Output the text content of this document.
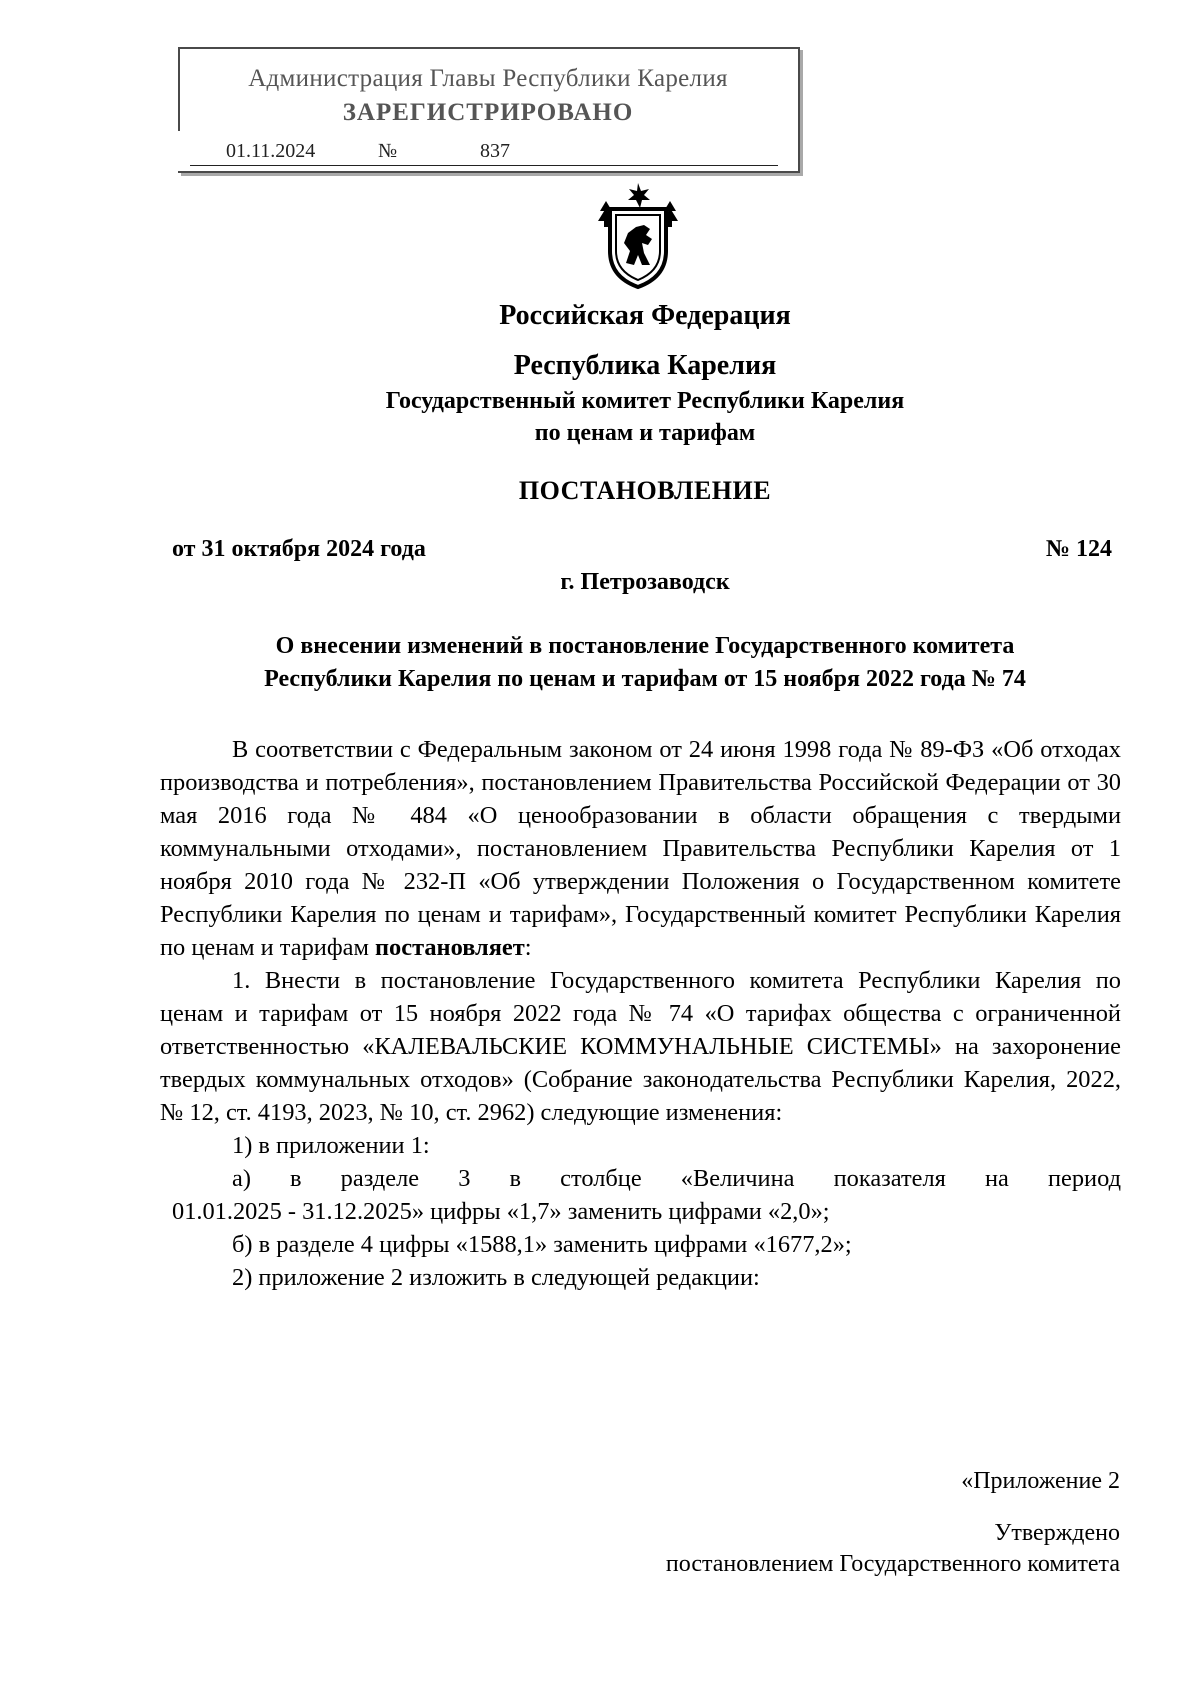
Администрация Главы Республики Карелия
ЗАРЕГИСТРИРОВАНО
01.11.2024	№	837
Российская Федерация
Республика Карелия
Государственный комитет Республики Карелия
по ценам и тарифам
ПОСТАНОВЛЕНИЕ
от 31 октября 2024 года	№ 124
г. Петрозаводск
О внесении изменений в постановление Государственного комитета
Республики Карелия по ценам и тарифам от 15 ноября 2022 года № 74

В соответствии с Федеральным законом от 24 июня 1998 года № 89-ФЗ «Об отходах производства и потребления», постановлением Правительства Российской Федерации от 30 мая 2016 года № 484 «О ценообразовании в области обращения с твердыми коммунальными отходами», постановлением Правительства Республики Карелия от 1 ноября 2010 года № 232-П «Об утверждении Положения о Государственном комитете Республики Карелия по ценам и тарифам», Государственный комитет Республики Карелия по ценам и тарифам постановляет:

1. Внести в постановление Государственного комитета Республики Карелия по ценам и тарифам от 15 ноября 2022 года № 74 «О тарифах общества с ограниченной ответственностью «КАЛЕВАЛЬСКИЕ КОММУНАЛЬНЫЕ СИСТЕМЫ» на захоронение твердых коммунальных отходов» (Собрание законодательства Республики Карелия, 2022, № 12, ст. 4193, 2023, № 10, ст. 2962) следующие изменения:

1) в приложении 1:

а) в разделе 3 в столбце «Величина показателя на период

01.01.2025 - 31.12.2025» цифры «1,7» заменить цифрами «2,0»;

б) в разделе 4 цифры «1588,1» заменить цифрами «1677,2»;

2) приложение 2 изложить в следующей редакции:

«Приложение 2
Утверждено
постановлением Государственного комитета
